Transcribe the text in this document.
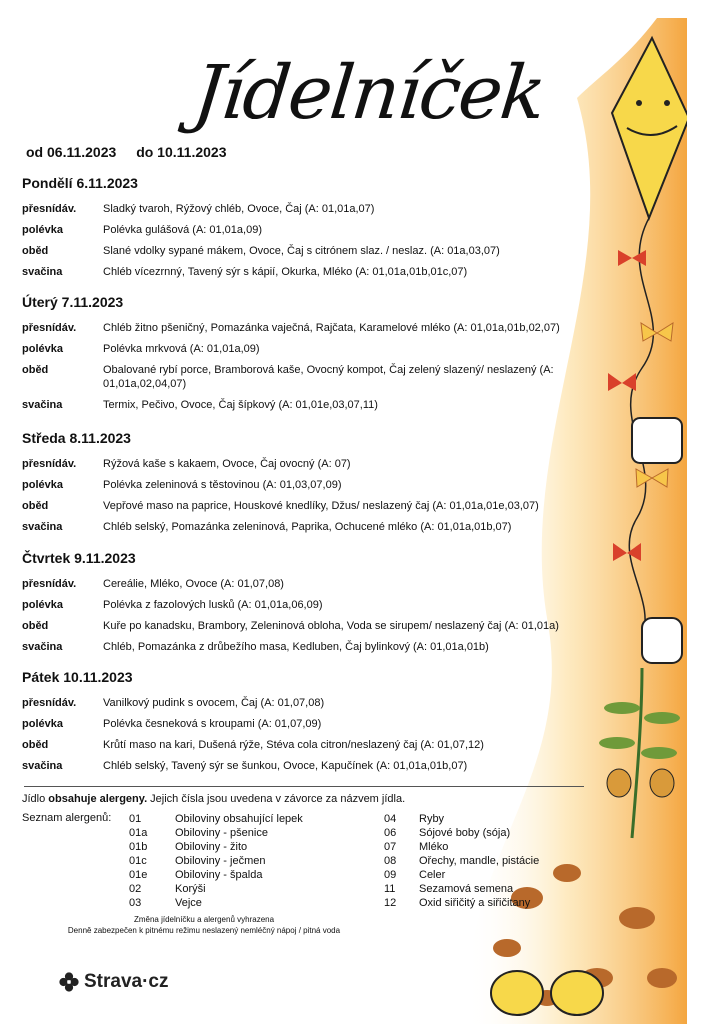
Jídelníček
od 06.11.2023 do 10.11.2023
Pondělí 6.11.2023
přesnídáv.	Sladký tvaroh, Rýžový chléb, Ovoce, Čaj (A: 01,01a,07)
polévka	Polévka gulášová (A: 01,01a,09)
oběd	Slané vdolky sypané mákem, Ovoce, Čaj s citrónem slaz. / neslaz. (A: 01a,03,07)
svačina	Chléb vícezrnný, Tavený sýr s kápií, Okurka, Mléko (A: 01,01a,01b,01c,07)
Úterý 7.11.2023
přesnídáv.	Chléb žitno pšeničný, Pomazánka vaječná, Rajčata, Karamelové mléko (A: 01,01a,01b,02,07)
polévka	Polévka mrkvová (A: 01,01a,09)
oběd	Obalované rybí porce, Bramborová kaše, Ovocný kompot, Čaj zelený slazený/ neslazený (A: 01,01a,02,04,07)
svačina	Termix, Pečivo, Ovoce, Čaj šípkový (A: 01,01e,03,07,11)
Středa 8.11.2023
přesnídáv.	Rýžová kaše s kakaem, Ovoce, Čaj ovocný (A: 07)
polévka	Polévka zeleninová s těstovinou (A: 01,03,07,09)
oběd	Vepřové maso na paprice, Houskové knedlíky, Džus/ neslazený čaj (A: 01,01a,01e,03,07)
svačina	Chléb selský, Pomazánka zeleninová, Paprika, Ochucené mléko (A: 01,01a,01b,07)
Čtvrtek 9.11.2023
přesnídáv.	Cereálie, Mléko, Ovoce (A: 01,07,08)
polévka	Polévka z fazolových lusků (A: 01,01a,06,09)
oběd	Kuře po kanadsku, Brambory, Zeleninová obloha, Voda se sirupem/ neslazený čaj (A: 01,01a)
svačina	Chléb, Pomazánka z drůbežího masa, Kedluben, Čaj bylinkový (A: 01,01a,01b)
Pátek 10.11.2023
přesnídáv.	Vanilkový pudink s ovocem, Čaj (A: 01,07,08)
polévka	Polévka česneková s kroupami (A: 01,07,09)
oběd	Krůtí maso na kari, Dušená rýže, Stéva cola citron/neslazený čaj (A: 01,07,12)
svačina	Chléb selský, Tavený sýr se šunkou, Ovoce, Kapučínek (A: 01,01a,01b,07)
Jídlo obsahuje alergeny. Jejich čísla jsou uvedena v závorce za názvem jídla.
Seznam alergenů: 01	Obiloviny obsahující lepek
01a	Obiloviny - pšenice
01b	Obiloviny - žito
01c	Obiloviny - ječmen
01e	Obiloviny - špalda
02	Korýši
03	Vejce
04 Ryby
06 Sójové boby (sója)
07 Mléko
08 Ořechy, mandle, pistácie
09 Celer
11 Sezamová semena
12 Oxid siřičitý a siřičitany
Změna jídelníčku a alergenů vyhrazena
Denně zabezpečen k pitnému režimu neslazený nemléčný nápoj / pitná voda
Strava·cz
